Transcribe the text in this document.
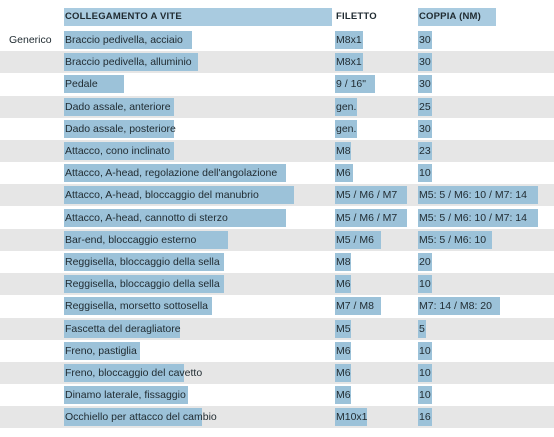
COLLEGAMENTO A VITE	FILETTO	COPPIA (NM)
Generico	Braccio pedivella, acciaio	M8x1	30
Braccio pedivella, alluminio	M8x1	30
Pedale	9 / 16"	30
Dado assale, anteriore	gen.	25
Dado assale, posteriore	gen.	30
Attacco, cono inclinato	M8	23
Attacco, A-head, regolazione dell'angolazione	M6	10
Attacco, A-head, bloccaggio del manubrio	M5 / M6 / M7	M5: 5 / M6: 10 / M7: 14
Attacco, A-head, cannotto di sterzo	M5 / M6 / M7	M5: 5 / M6: 10 / M7: 14
Bar-end, bloccaggio esterno	M5 / M6	M5: 5 / M6: 10
Reggisella, bloccaggio della sella	M8	20
Reggisella, bloccaggio della sella	M6	10
Reggisella, morsetto sottosella	M7 / M8	M7: 14 / M8: 20
Fascetta del deragliatore	M5	5
Freno, pastiglia	M6	10
Freno, bloccaggio del cavetto	M6	10
Dinamo laterale, fissaggio	M6	10
Occhiello per attacco del cambio	M10x1	16
